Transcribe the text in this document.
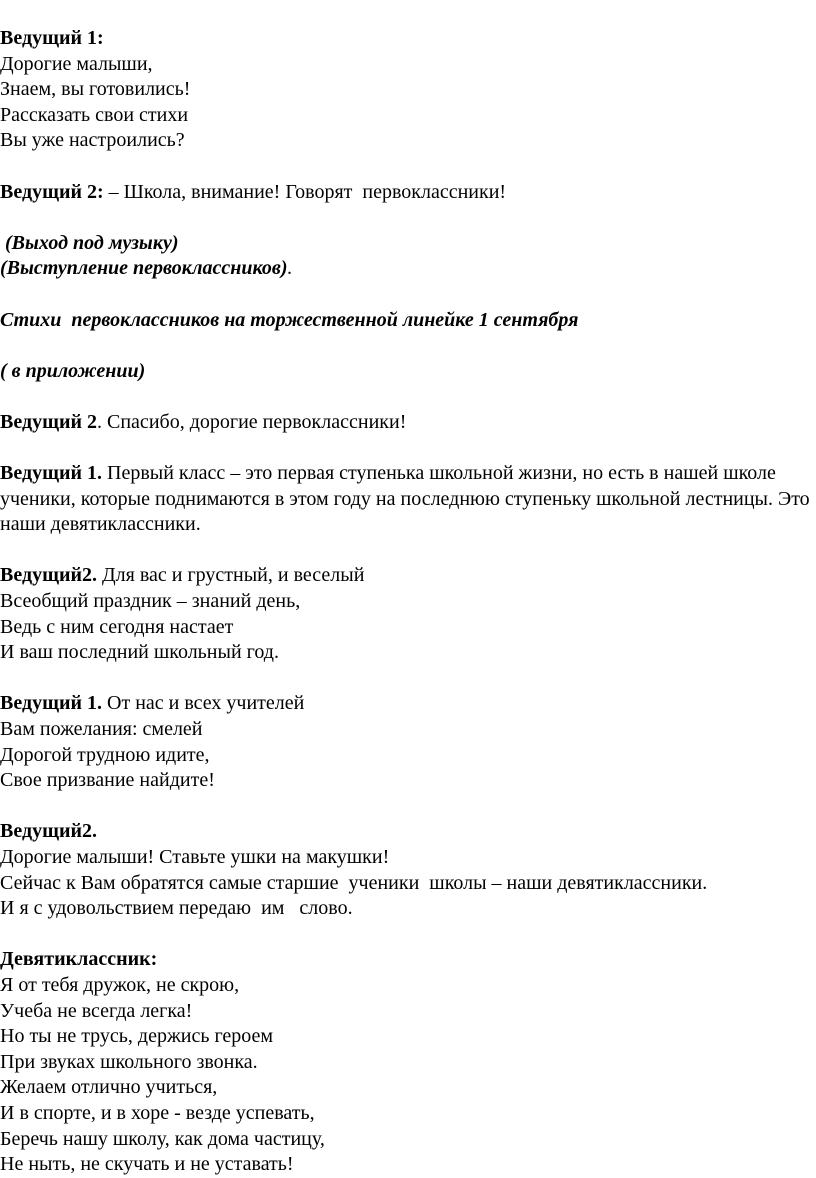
Ведущий 1:
Дорогие малыши,
Знаем, вы готовились!
Рассказать свои стихи
Вы уже настроились?
Ведущий 2: – Школа, внимание! Говорят  первоклассники!
(Выход под музыку)
(Выступление первоклассников).
Стихи  первоклассников на торжественной линейке 1 сентября
( в приложении)
Ведущий 2. Спасибо, дорогие первоклассники!
Ведущий 1. Первый класс – это первая ступенька школьной жизни, но есть в нашей школе ученики, которые поднимаются в этом году на последнюю ступеньку школьной лестницы. Это наши девятиклассники.
Ведущий2. Для вас и грустный, и веселый
Всеобщий праздник – знаний день,
Ведь с ним сегодня настает
И ваш последний школьный год.
Ведущий 1. От нас и всех учителей
Вам пожелания: смелей
Дорогой трудною идите,
Свое призвание найдите!
Ведущий2.
Дорогие малыши! Ставьте ушки на макушки!
Сейчас к Вам обратятся самые старшие  ученики  школы – наши девятиклассники.
И я с удовольствием передаю  им   слово.
Девятиклассник:
Я от тебя дружок, не скрою,
Учеба не всегда легка!
Но ты не трусь, держись героем
При звуках школьного звонка.
Желаем отлично учиться,
И в спорте, и в хоре - везде успевать,
Беречь нашу школу, как дома частицу,
Не ныть, не скучать и не уставать!
